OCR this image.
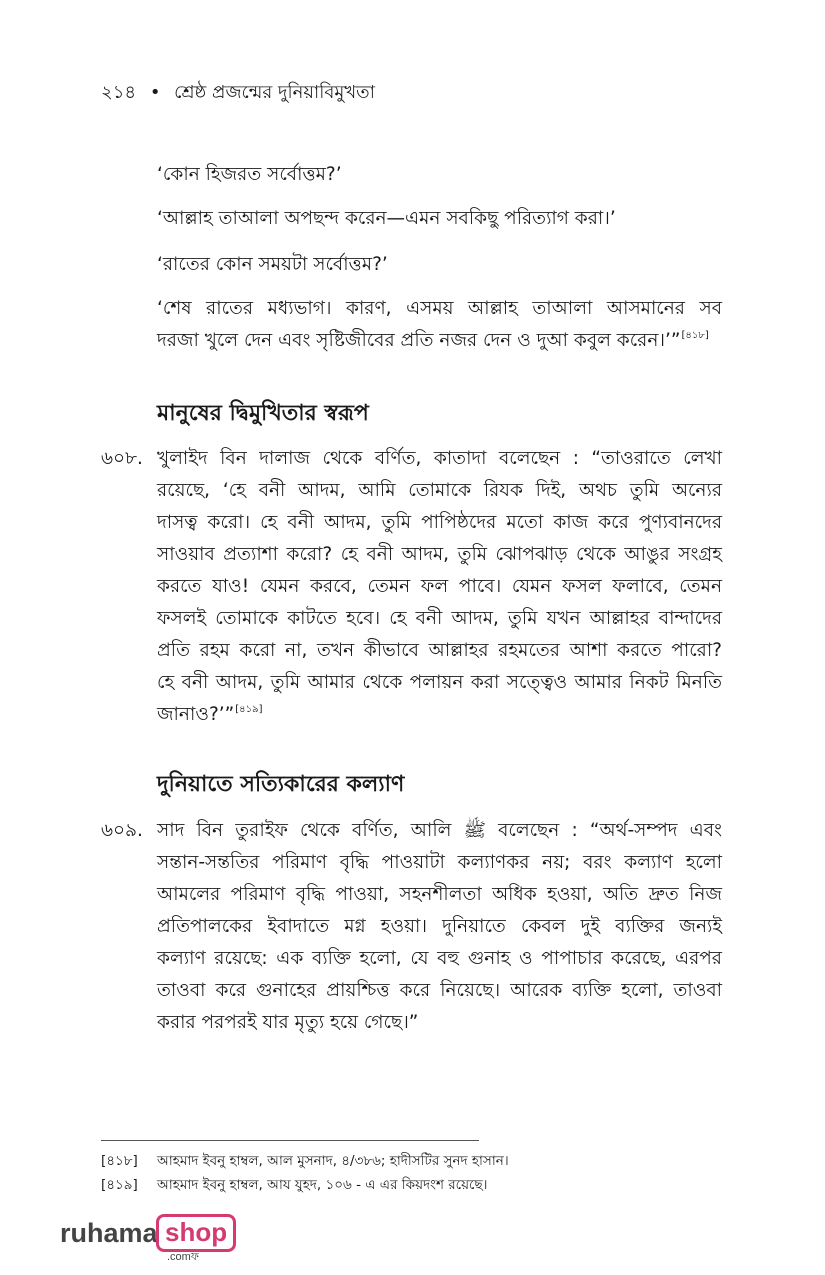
২১৪ • শ্রেষ্ঠ প্রজন্মের দুনিয়াবিমুখতা
‘কোন হিজরত সর্বোত্তম?’
‘আল্লাহ তাআলা অপছন্দ করেন—এমন সবকিছু পরিত্যাগ করা।’
‘রাতের কোন সময়টা সর্বোত্তম?’
‘শেষ রাতের মধ্যভাগ। কারণ, এসময় আল্লাহ তাআলা আসমানের সব
দরজা খুলে দেন এবং সৃষ্টিজীবের প্রতি নজর দেন ও দুআ কবুল করেন।’”[৪১৮]
মানুষের দ্বিমুখিতার স্বরূপ
৬০৮. খুলাইদ বিন দালাজ থেকে বর্ণিত, কাতাদা বলেছেন : “তাওরাতে লেখা
রয়েছে, ‘হে বনী আদম, আমি তোমাকে রিযক দিই, অথচ তুমি অন্যের
দাসত্ব করো। হে বনী আদম, তুমি পাপিষ্ঠদের মতো কাজ করে পুণ্যবানদের
সাওয়াব প্রত্যাশা করো? হে বনী আদম, তুমি ঝোপঝাড় থেকে আঙুর সংগ্রহ
করতে যাও! যেমন করবে, তেমন ফল পাবে। যেমন ফসল ফলাবে, তেমন
ফসলই তোমাকে কাটতে হবে। হে বনী আদম, তুমি যখন আল্লাহর বান্দাদের
প্রতি রহম করো না, তখন কীভাবে আল্লাহর রহমতের আশা করতে পারো?
হে বনী আদম, তুমি আমার থেকে পলায়ন করা সত্ত্বেও আমার নিকট মিনতি
জানাও?’”[৪১৯]
দুনিয়াতে সত্যিকারের কল্যাণ
৬০৯. সাদ বিন তুরাইফ থেকে বর্ণিত, আলি ﷺ বলেছেন : “অর্থ-সম্পদ এবং
সন্তান-সন্ততির পরিমাণ বৃদ্ধি পাওয়াটা কল্যাণকর নয়; বরং কল্যাণ হলো
আমলের পরিমাণ বৃদ্ধি পাওয়া, সহনশীলতা অধিক হওয়া, অতি দ্রুত নিজ
প্রতিপালকের ইবাদাতে মগ্ন হওয়া। দুনিয়াতে কেবল দুই ব্যক্তির জন্যই
কল্যাণ রয়েছে: এক ব্যক্তি হলো, যে বহু গুনাহ ও পাপাচার করেছে, এরপর
তাওবা করে গুনাহের প্রায়শ্চিত্ত করে নিয়েছে। আরেক ব্যক্তি হলো, তাওবা
করার পরপরই যার মৃত্যু হয়ে গেছে।”
[৪১৮] আহমাদ ইবনু হাম্বল, আল মুসনাদ, ৪/৩৮৬; হাদীসটির সুনদ হাসান।
[৪১৯] আহমাদ ইবনু হাম্বল, আয যুহদ, ১০৬ - এ এর কিয়দংশ রয়েছে।
ruhama shop
.comফ
